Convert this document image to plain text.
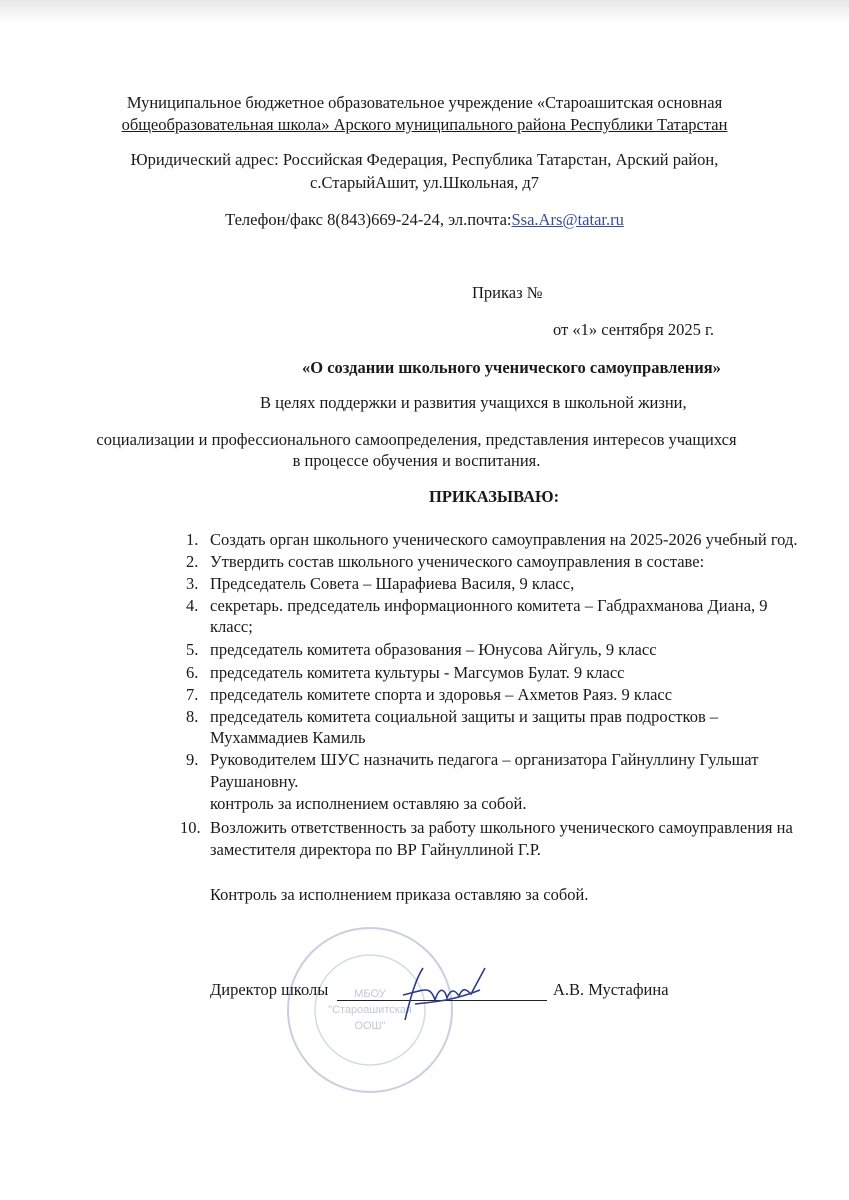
Муниципальное бюджетное образовательное учреждение «Староашитская основная
общеобразовательная школа» Арского муниципального района Республики Татарстан
Юридический адрес: Российская Федерация, Республика Татарстан, Арский район,
с.СтарыйАшит, ул.Школьная, д7
Телефон/факс 8(843)669-24-24, эл.почта:Ssa.Ars@tatar.ru
Приказ №
от «1» сентября 2025 г.
«О создании школьного ученического самоуправления»
В целях поддержки и развития учащихся в школьной жизни,
социализации и профессионального самоопределения, представления интересов учащихся
в процессе обучения и воспитания.
ПРИКАЗЫВАЮ:
1. Создать орган школьного ученического самоуправления на 2025-2026 учебный год.
2. Утвердить состав школьного ученического самоуправления в составе:
3. Председатель Совета – Шарафиева Василя, 9 класс,
4. секретарь. председатель информационного комитета – Габдрахманова Диана, 9
класс;
5. председатель комитета образования – Юнусова Айгуль, 9 класс
6. председатель комитета культуры - Магсумов Булат. 9 класс
7. председатель комитете спорта и здоровья – Ахметов Раяз. 9 класс
8. председатель комитета социальной защиты и защиты прав подростков –
Мухаммадиев Камиль
9. Руководителем ШУС назначить педагога – организатора Гайнуллину Гульшат
Раушановну.
контроль за исполнением оставляю за собой.
10. Возложить ответственность за работу школьного ученического самоуправления на
заместителя директора по ВР Гайнуллиной Г.Р.
Контроль за исполнением приказа оставляю за собой.
МБОУ
"Староашитская
ООШ"
Директор школы	А.В. Мустафина
